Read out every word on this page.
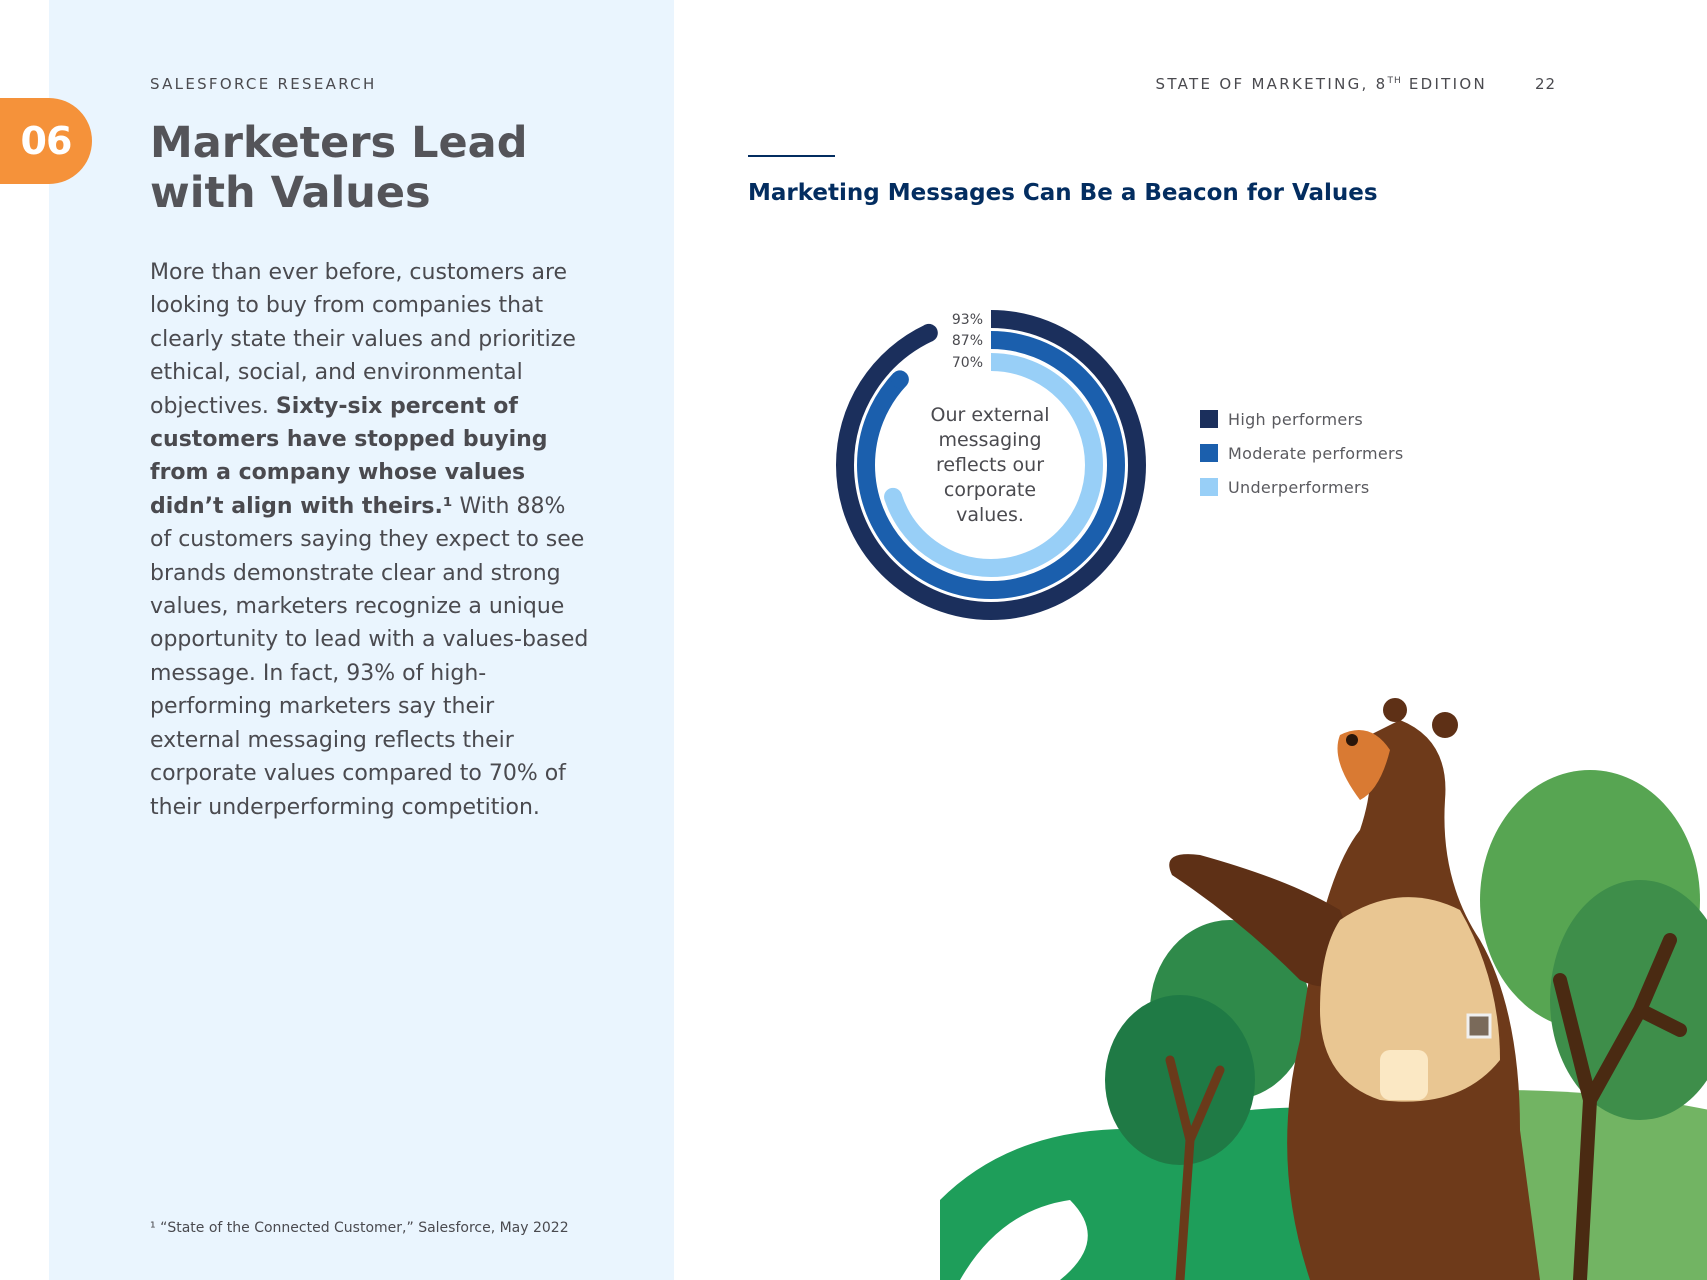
06
SALESFORCE RESEARCH
Marketers Lead
with Values
More than ever before, customers are looking to buy from companies that clearly state their values and prioritize ethical, social, and environmental objectives. Sixty-six percent of customers have stopped buying from a company whose values didn’t align with theirs.¹ With 88% of customers saying they expect to see brands demonstrate clear and strong values, marketers recognize a unique opportunity to lead with a values-based message. In fact, 93% of high-performing marketers say their external messaging reflects their corporate values compared to 70% of their underperforming competition.
¹ “State of the Connected Customer,” Salesforce, May 2022
STATE OF MARKETING, 8TH EDITION	22
Marketing Messages Can Be a Beacon for Values
93%
87%
70%
Our external messaging reflects our corporate values.
High performers
Moderate performers
Underperformers
